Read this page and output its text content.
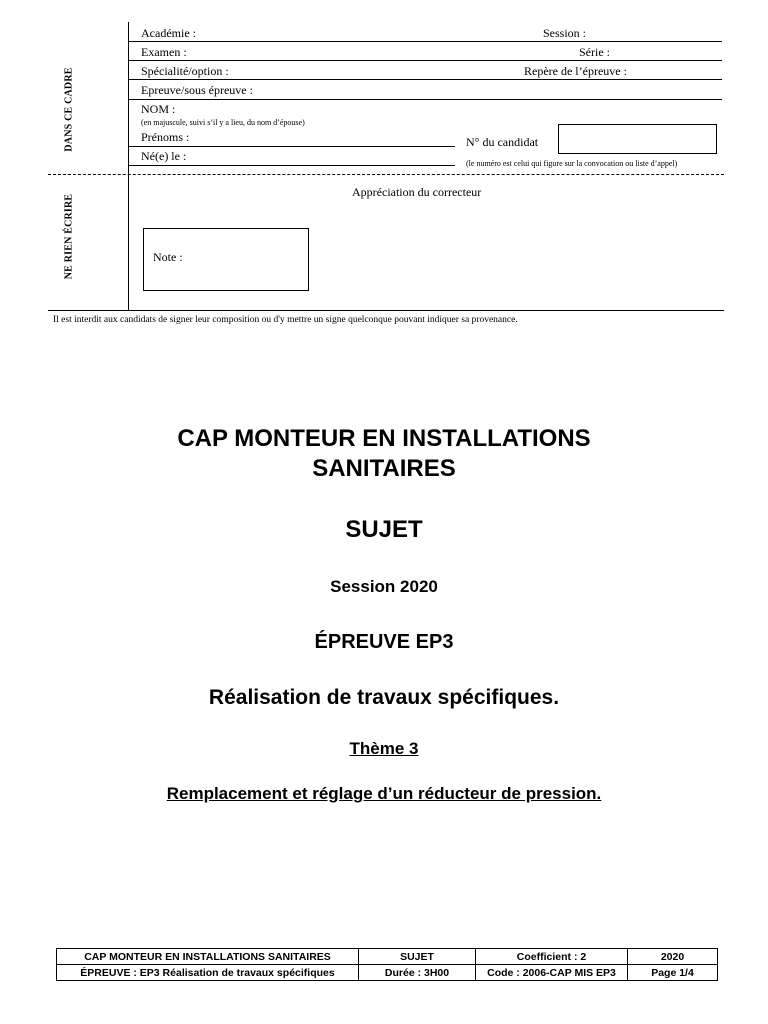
DANS CE CADRE
NE RIEN ÉCRIRE
Académie :	Session :
Examen :	Série :
Spécialité/option :	Repère de l’épreuve :
Epreuve/sous épreuve :
NOM :
(en majuscule, suivi s’il y a lieu, du nom d’épouse)
Prénoms :	N° du candidat
Né(e) le :
(le numéro est celui qui figure sur la convocation ou liste d’appel)
Appréciation du correcteur
Note :
Il est interdit aux candidats de signer leur composition ou d'y mettre un signe quelconque pouvant indiquer sa provenance.
CAP MONTEUR EN INSTALLATIONS
SANITAIRES
SUJET
Session 2020
ÉPREUVE EP3
Réalisation de travaux spécifiques.
Thème 3
Remplacement et réglage d’un réducteur de pression.
CAP MONTEUR EN INSTALLATIONS SANITAIRES	SUJET	Coefficient : 2	2020
ÉPREUVE : EP3 Réalisation de travaux spécifiques	Durée : 3H00	Code : 2006-CAP MIS EP3	Page 1/4
